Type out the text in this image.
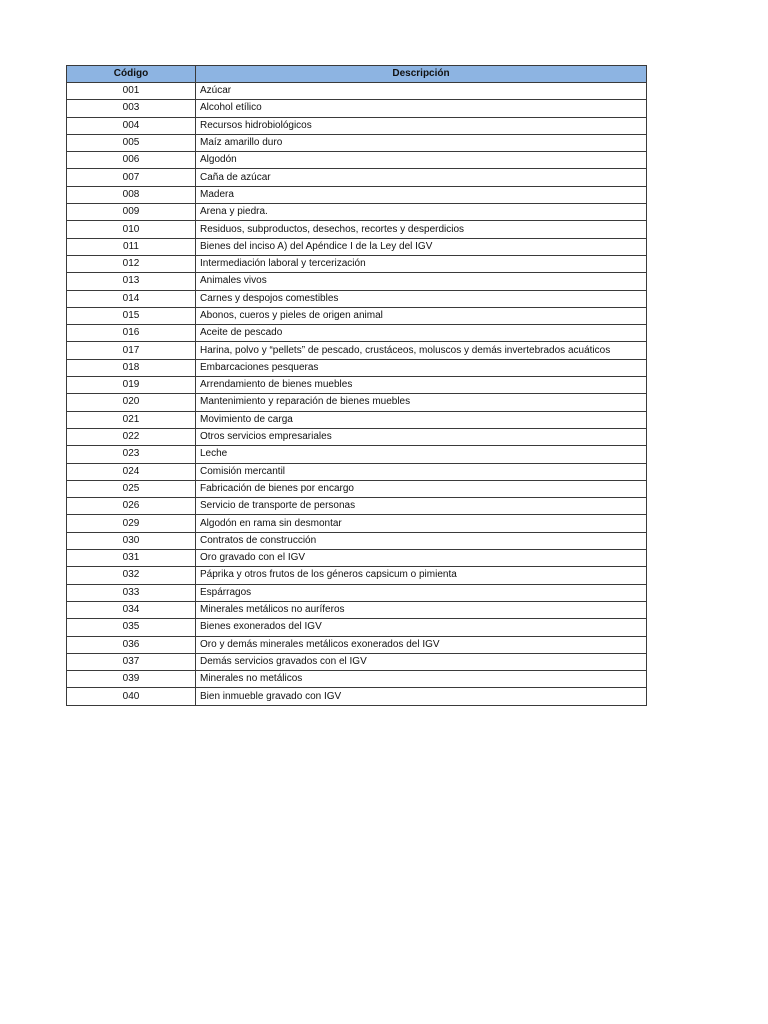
Código	Descripción
001	Azúcar
003	Alcohol etílico
004	Recursos hidrobiológicos
005	Maíz amarillo duro
006	Algodón
007	Caña de azúcar
008	Madera
009	Arena y piedra.
010	Residuos, subproductos, desechos, recortes y desperdicios
011	Bienes del inciso A) del Apéndice I de la Ley del IGV
012	Intermediación laboral y tercerización
013	Animales vivos
014	Carnes y despojos comestibles
015	Abonos, cueros y pieles de origen animal
016	Aceite de pescado
017	Harina, polvo y “pellets” de pescado, crustáceos, moluscos y demás invertebrados acuáticos
018	Embarcaciones pesqueras
019	Arrendamiento de bienes muebles
020	Mantenimiento y reparación de bienes muebles
021	Movimiento de carga
022	Otros servicios empresariales
023	Leche
024	Comisión mercantil
025	Fabricación de bienes por encargo
026	Servicio de transporte de personas
029	Algodón en rama sin desmontar
030	Contratos de construcción
031	Oro gravado con el IGV
032	Páprika y otros frutos de los géneros capsicum o pimienta
033	Espárragos
034	Minerales metálicos no auríferos
035	Bienes exonerados del IGV
036	Oro y demás minerales metálicos exonerados del IGV
037	Demás servicios gravados con el IGV
039	Minerales no metálicos
040	Bien inmueble gravado con IGV
